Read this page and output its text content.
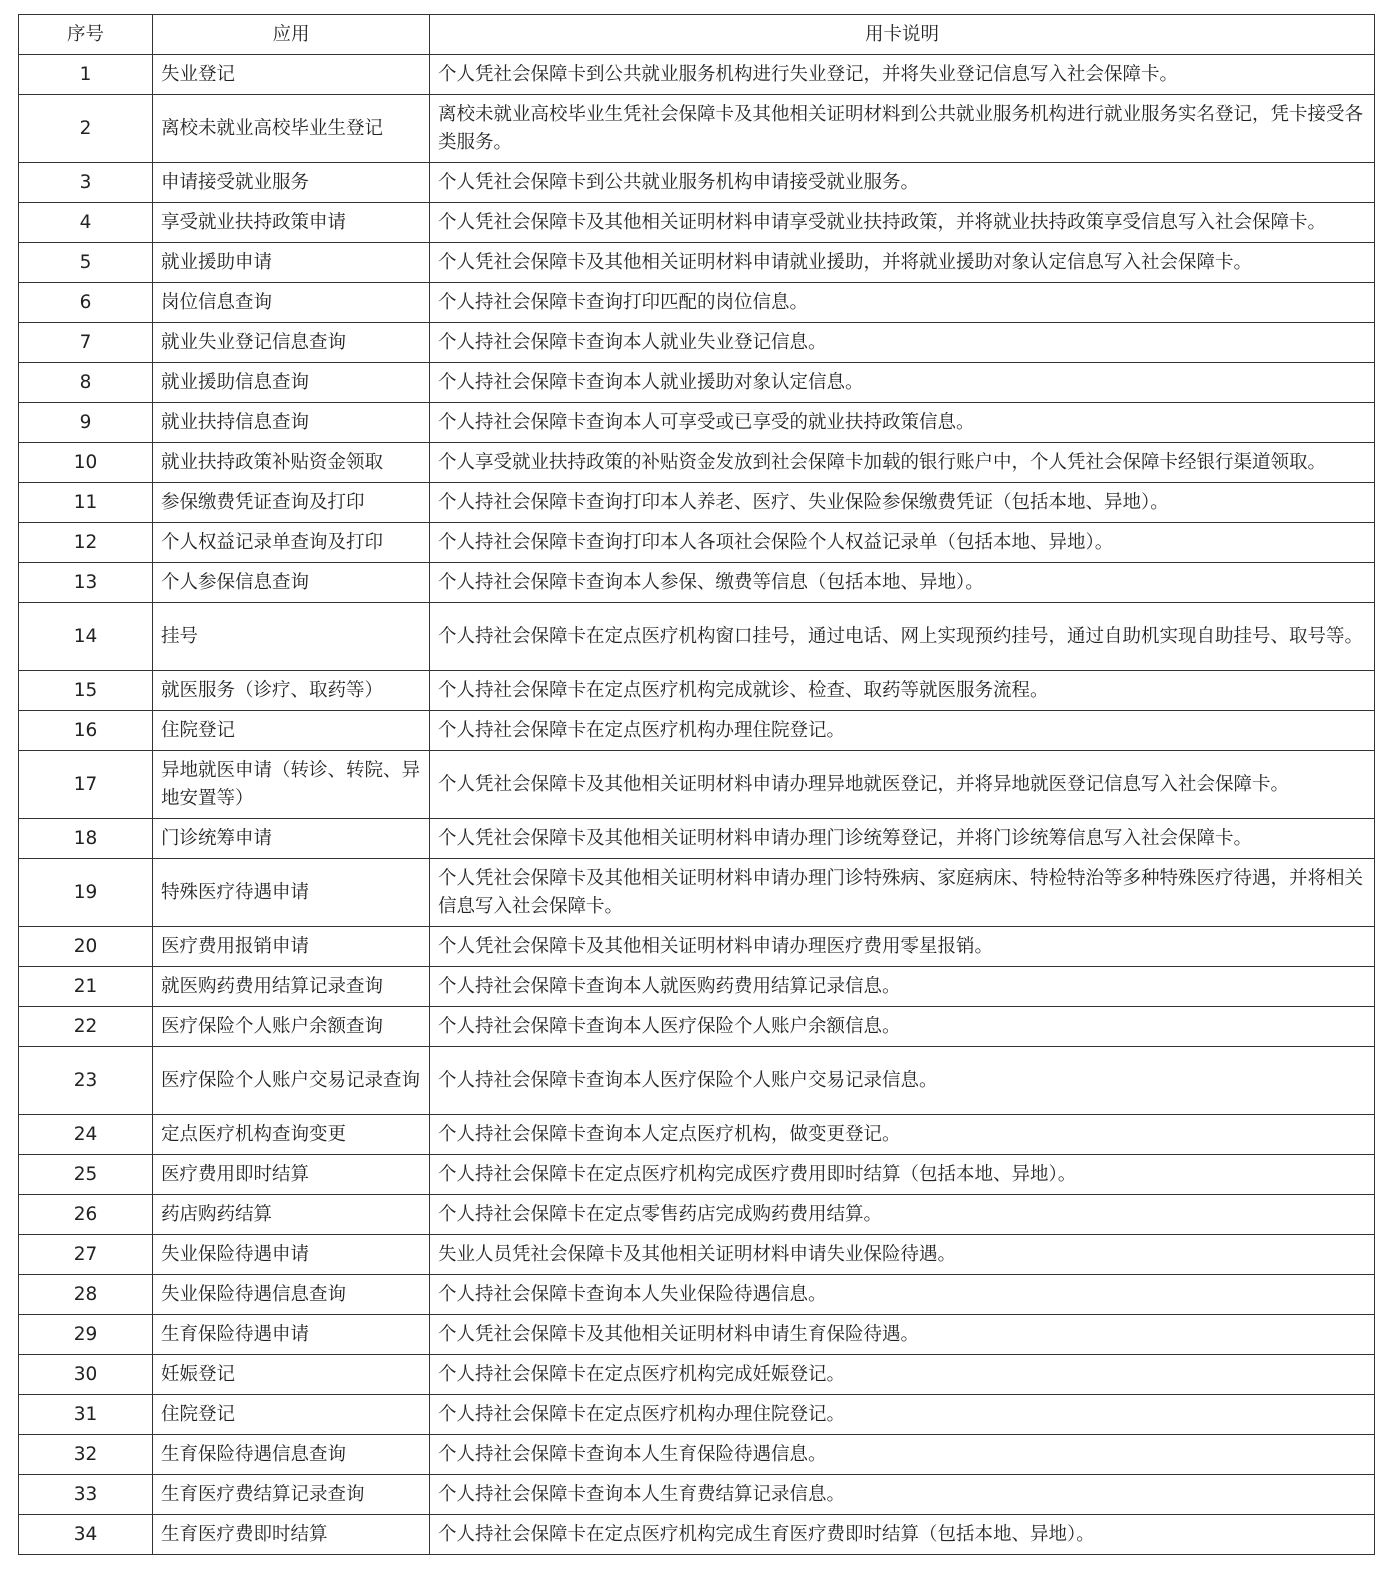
序号	应用	用卡说明
1	失业登记	个人凭社会保障卡到公共就业服务机构进行失业登记，并将失业登记信息写入社会保障卡。
2	离校未就业高校毕业生登记	离校未就业高校毕业生凭社会保障卡及其他相关证明材料到公共就业服务机构进行就业服务实名登记，凭卡接受各类服务。
3	申请接受就业服务	个人凭社会保障卡到公共就业服务机构申请接受就业服务。
4	享受就业扶持政策申请	个人凭社会保障卡及其他相关证明材料申请享受就业扶持政策，并将就业扶持政策享受信息写入社会保障卡。
5	就业援助申请	个人凭社会保障卡及其他相关证明材料申请就业援助，并将就业援助对象认定信息写入社会保障卡。
6	岗位信息查询	个人持社会保障卡查询打印匹配的岗位信息。
7	就业失业登记信息查询	个人持社会保障卡查询本人就业失业登记信息。
8	就业援助信息查询	个人持社会保障卡查询本人就业援助对象认定信息。
9	就业扶持信息查询	个人持社会保障卡查询本人可享受或已享受的就业扶持政策信息。
10	就业扶持政策补贴资金领取	个人享受就业扶持政策的补贴资金发放到社会保障卡加载的银行账户中，个人凭社会保障卡经银行渠道领取。
11	参保缴费凭证查询及打印	个人持社会保障卡查询打印本人养老、医疗、失业保险参保缴费凭证（包括本地、异地）。
12	个人权益记录单查询及打印	个人持社会保障卡查询打印本人各项社会保险个人权益记录单（包括本地、异地）。
13	个人参保信息查询	个人持社会保障卡查询本人参保、缴费等信息（包括本地、异地）。
14	挂号	个人持社会保障卡在定点医疗机构窗口挂号，通过电话、网上实现预约挂号，通过自助机实现自助挂号、取号等。
15	就医服务（诊疗、取药等）	个人持社会保障卡在定点医疗机构完成就诊、检查、取药等就医服务流程。
16	住院登记	个人持社会保障卡在定点医疗机构办理住院登记。
17	异地就医申请（转诊、转院、异地安置等）	个人凭社会保障卡及其他相关证明材料申请办理异地就医登记，并将异地就医登记信息写入社会保障卡。
18	门诊统筹申请	个人凭社会保障卡及其他相关证明材料申请办理门诊统筹登记，并将门诊统筹信息写入社会保障卡。
19	特殊医疗待遇申请	个人凭社会保障卡及其他相关证明材料申请办理门诊特殊病、家庭病床、特检特治等多种特殊医疗待遇，并将相关信息写入社会保障卡。
20	医疗费用报销申请	个人凭社会保障卡及其他相关证明材料申请办理医疗费用零星报销。
21	就医购药费用结算记录查询	个人持社会保障卡查询本人就医购药费用结算记录信息。
22	医疗保险个人账户余额查询	个人持社会保障卡查询本人医疗保险个人账户余额信息。
23	医疗保险个人账户交易记录查询	个人持社会保障卡查询本人医疗保险个人账户交易记录信息。
24	定点医疗机构查询变更	个人持社会保障卡查询本人定点医疗机构，做变更登记。
25	医疗费用即时结算	个人持社会保障卡在定点医疗机构完成医疗费用即时结算（包括本地、异地）。
26	药店购药结算	个人持社会保障卡在定点零售药店完成购药费用结算。
27	失业保险待遇申请	失业人员凭社会保障卡及其他相关证明材料申请失业保险待遇。
28	失业保险待遇信息查询	个人持社会保障卡查询本人失业保险待遇信息。
29	生育保险待遇申请	个人凭社会保障卡及其他相关证明材料申请生育保险待遇。
30	妊娠登记	个人持社会保障卡在定点医疗机构完成妊娠登记。
31	住院登记	个人持社会保障卡在定点医疗机构办理住院登记。
32	生育保险待遇信息查询	个人持社会保障卡查询本人生育保险待遇信息。
33	生育医疗费结算记录查询	个人持社会保障卡查询本人生育费结算记录信息。
34	生育医疗费即时结算	个人持社会保障卡在定点医疗机构完成生育医疗费即时结算（包括本地、异地）。
